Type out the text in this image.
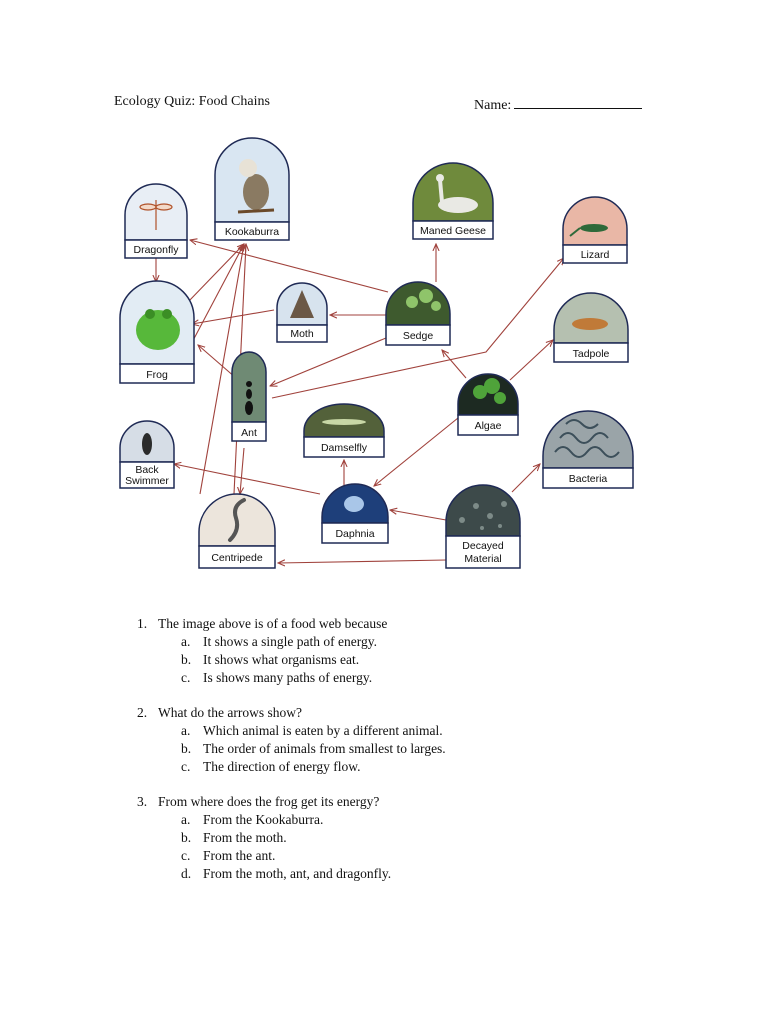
Ecology Quiz: Food Chains	Name:
Dragonfly
Kookaburra	Maned Geese
Lizard
Frog
Moth	Sedge
Tadpole
Ant
Algae
Back
Swimmer
Damselfly
Bacteria
Daphnia
Centripede
Decayed
Material
1. The image above is of a food web because
a. It shows a single path of energy.
b. It shows what organisms eat.
c. Is shows many paths of energy.
2. What do the arrows show?
a. Which animal is eaten by a different animal.
b. The order of animals from smallest to larges.
c. The direction of energy flow.
3. From where does the frog get its energy?
a. From the Kookaburra.
b. From the moth.
c. From the ant.
d. From the moth, ant, and dragonfly.
